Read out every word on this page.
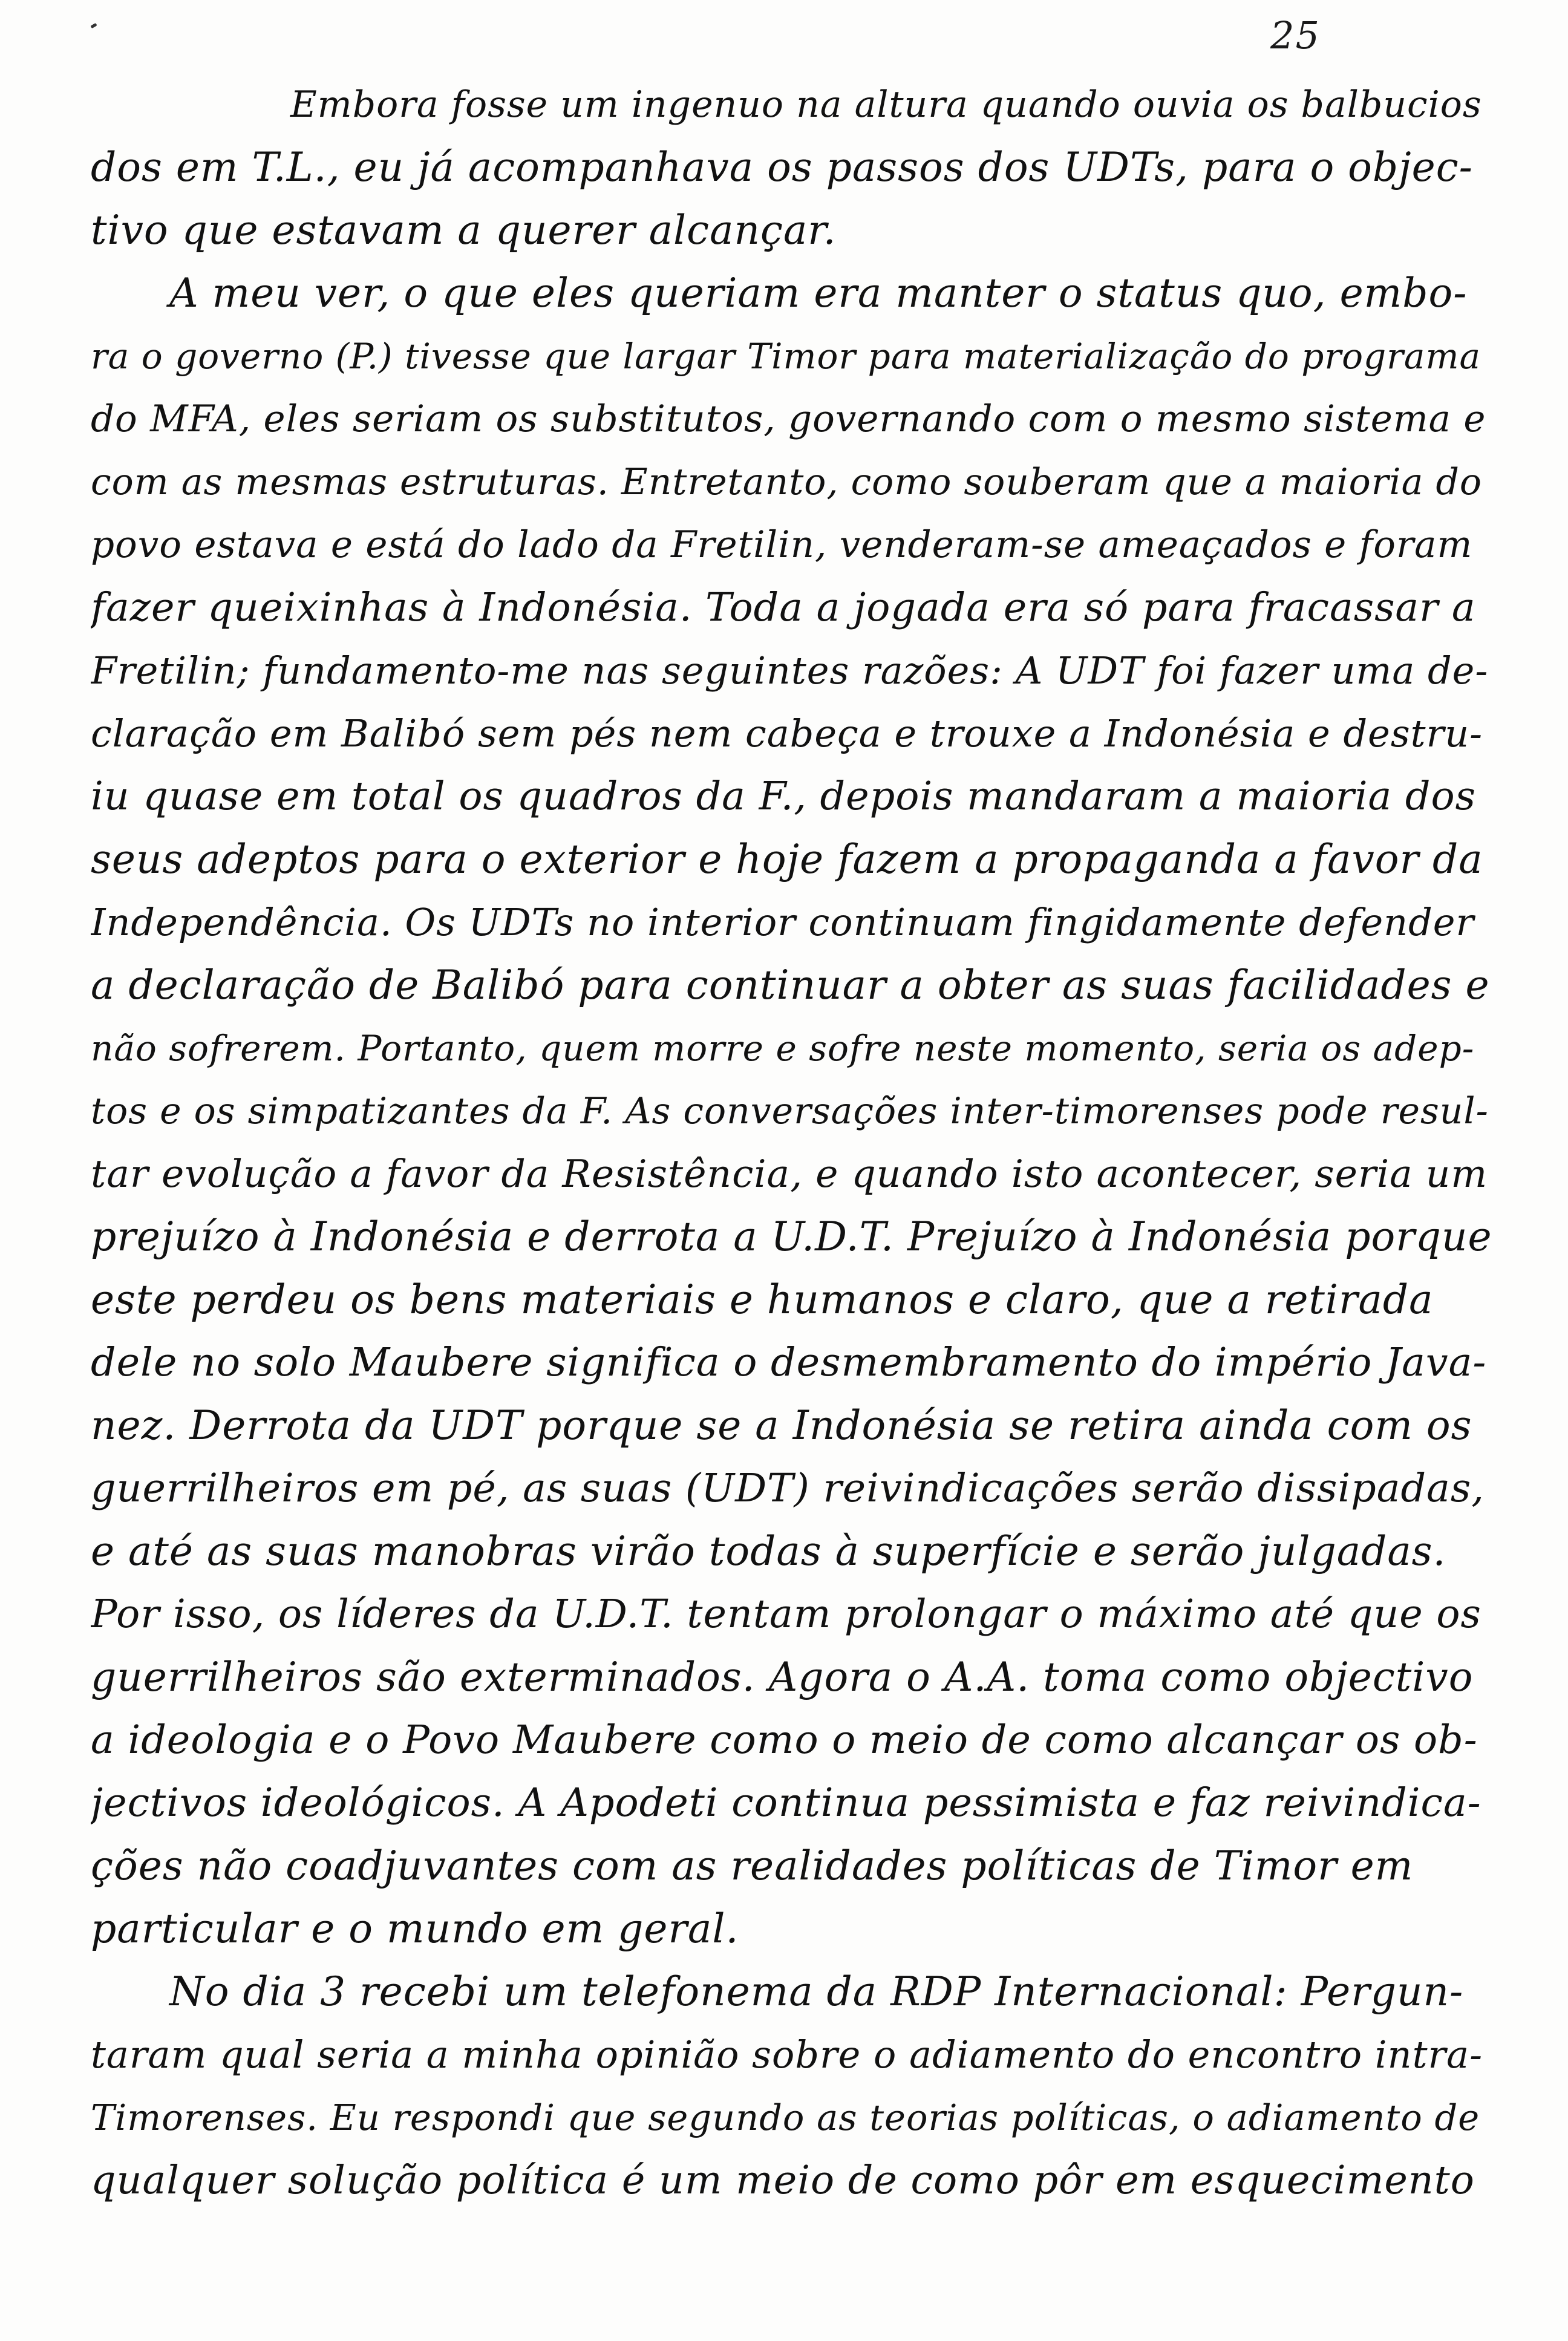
25
Embora fosse um ingenuo na altura quando ouvia os balbucios
dos em T.L., eu já acompanhava os passos dos UDTs, para o objec-
tivo que estavam a querer alcançar.
A meu ver, o que eles queriam era manter o status quo, embo-
ra o governo (P.) tivesse que largar Timor para materialização do programa
do MFA, eles seriam os substitutos, governando com o mesmo sistema e
com as mesmas estruturas. Entretanto, como souberam que a maioria do
povo estava e está do lado da Fretilin, venderam-se ameaçados e foram
fazer queixinhas à Indonésia. Toda a jogada era só para fracassar a
Fretilin; fundamento-me nas seguintes razões: A UDT foi fazer uma de-
claração em Balibó sem pés nem cabeça e trouxe a Indonésia e destru-
iu quase em total os quadros da F., depois mandaram a maioria dos
seus adeptos para o exterior e hoje fazem a propaganda a favor da
Independência. Os UDTs no interior continuam fingidamente defender
a declaração de Balibó para continuar a obter as suas facilidades e
não sofrerem. Portanto, quem morre e sofre neste momento, seria os adep-
tos e os simpatizantes da F. As conversações inter-timorenses pode resul-
tar evolução a favor da Resistência, e quando isto acontecer, seria um
prejuízo à Indonésia e derrota a U.D.T. Prejuízo à Indonésia porque
este perdeu os bens materiais e humanos e claro, que a retirada
dele no solo Maubere significa o desmembramento do império Java-
nez. Derrota da UDT porque se a Indonésia se retira ainda com os
guerrilheiros em pé, as suas (UDT) reivindicações serão dissipadas,
e até as suas manobras virão todas à superfície e serão julgadas.
Por isso, os líderes da U.D.T. tentam prolongar o máximo até que os
guerrilheiros são exterminados. Agora o A.A. toma como objectivo
a ideologia e o Povo Maubere como o meio de como alcançar os ob-
jectivos ideológicos. A Apodeti continua pessimista e faz reivindica-
ções não coadjuvantes com as realidades políticas de Timor em
particular e o mundo em geral.
No dia 3 recebi um telefonema da RDP Internacional: Pergun-
taram qual seria a minha opinião sobre o adiamento do encontro intra-
Timorenses. Eu respondi que segundo as teorias políticas, o adiamento de
qualquer solução política é um meio de como pôr em esquecimento
